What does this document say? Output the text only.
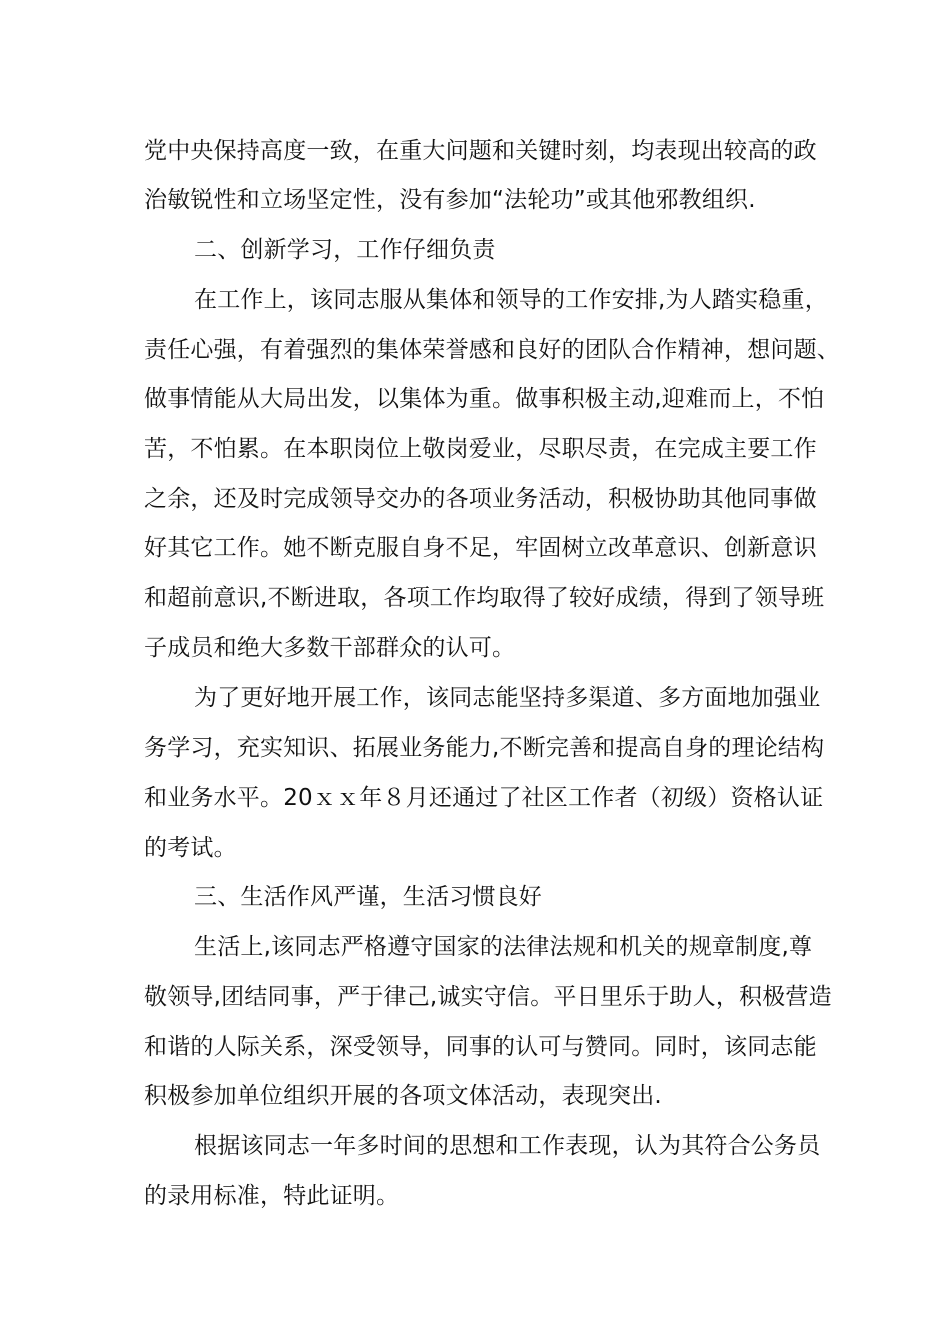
党中央保持高度一致，在重大问题和关键时刻，均表现出较高的政
治敏锐性和立场坚定性，没有参加“法轮功”或其他邪教组织.
二、创新学习，工作仔细负责
在工作上，该同志服从集体和领导的工作安排,为人踏实稳重，
责任心强，有着强烈的集体荣誉感和良好的团队合作精神，想问题、
做事情能从大局出发，以集体为重。做事积极主动,迎难而上，不怕
苦，不怕累。在本职岗位上敬岗爱业，尽职尽责，在完成主要工作
之余，还及时完成领导交办的各项业务活动，积极协助其他同事做
好其它工作。她不断克服自身不足，牢固树立改革意识、创新意识
和超前意识,不断进取，各项工作均取得了较好成绩，得到了领导班
子成员和绝大多数干部群众的认可。
为了更好地开展工作，该同志能坚持多渠道、多方面地加强业
务学习，充实知识、拓展业务能力,不断完善和提高自身的理论结构
和业务水平。20ｘｘ年８月还通过了社区工作者（初级）资格认证
的考试。
三、生活作风严谨，生活习惯良好
生活上,该同志严格遵守国家的法律法规和机关的规章制度,尊
敬领导,团结同事，严于律己,诚实守信。平日里乐于助人，积极营造
和谐的人际关系，深受领导，同事的认可与赞同。同时，该同志能
积极参加单位组织开展的各项文体活动，表现突出.
根据该同志一年多时间的思想和工作表现，认为其符合公务员
的录用标准，特此证明。
